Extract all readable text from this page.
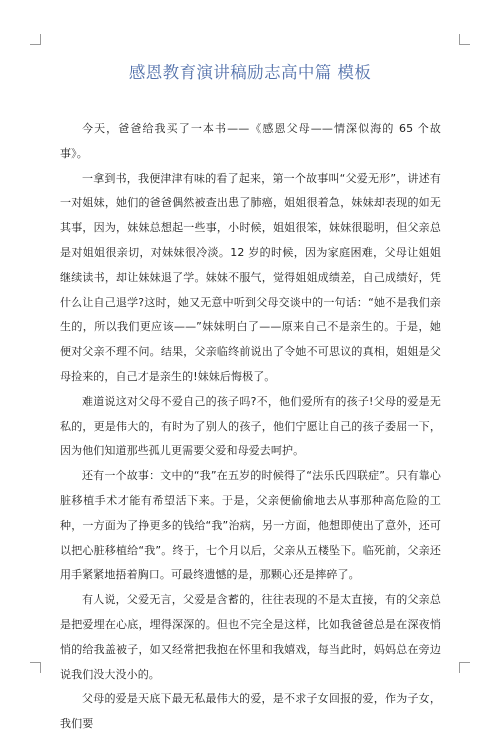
感恩教育演讲稿励志高中篇 模板

今天，爸爸给我买了一本书——《感恩父母——情深似海的 65 个故事》。

一拿到书，我便津津有味的看了起来，第一个故事叫“父爱无形”，讲述有一对姐妹，她们的爸爸偶然被查出患了肺癌，姐姐很着急，妹妹却表现的如无其事，因为，妹妹总想起一些事，小时候，姐姐很笨，妹妹很聪明，但父亲总是对姐姐很亲切，对妹妹很冷淡。12 岁的时候，因为家庭困难，父母让姐姐继续读书，却让妹妹退了学。妹妹不服气，觉得姐姐成绩差，自己成绩好，凭什么让自己退学?这时，她又无意中听到父母交谈中的一句话：“她不是我们亲生的，所以我们更应该——”妹妹明白了——原来自己不是亲生的。于是，她便对父亲不理不问。结果，父亲临终前说出了令她不可思议的真相，姐姐是父母捡来的，自己才是亲生的!妹妹后悔极了。

难道说这对父母不爱自己的孩子吗?不，他们爱所有的孩子!父母的爱是无私的，更是伟大的，有时为了别人的孩子，他们宁愿让自己的孩子委屈一下，因为他们知道那些孤儿更需要父爱和母爱去呵护。

还有一个故事：文中的“我”在五岁的时候得了“法乐氏四联症”。只有靠心脏移植手术才能有希望活下来。于是，父亲便偷偷地去从事那种高危险的工种，一方面为了挣更多的钱给“我”治病，另一方面，他想即使出了意外，还可以把心脏移植给“我”。终于，七个月以后，父亲从五楼坠下。临死前，父亲还用手紧紧地捂着胸口。可最终遗憾的是，那颗心还是摔碎了。

有人说，父爱无言，父爱是含蓄的，往往表现的不是太直接，有的父亲总是把爱埋在心底，埋得深深的。但也不完全是这样，比如我爸爸总是在深夜悄悄的给我盖被子，如又经常把我抱在怀里和我嬉戏，每当此时，妈妈总在旁边说我们没大没小的。

父母的爱是天底下最无私最伟大的爱，是不求子女回报的爱，作为子女，我们要
